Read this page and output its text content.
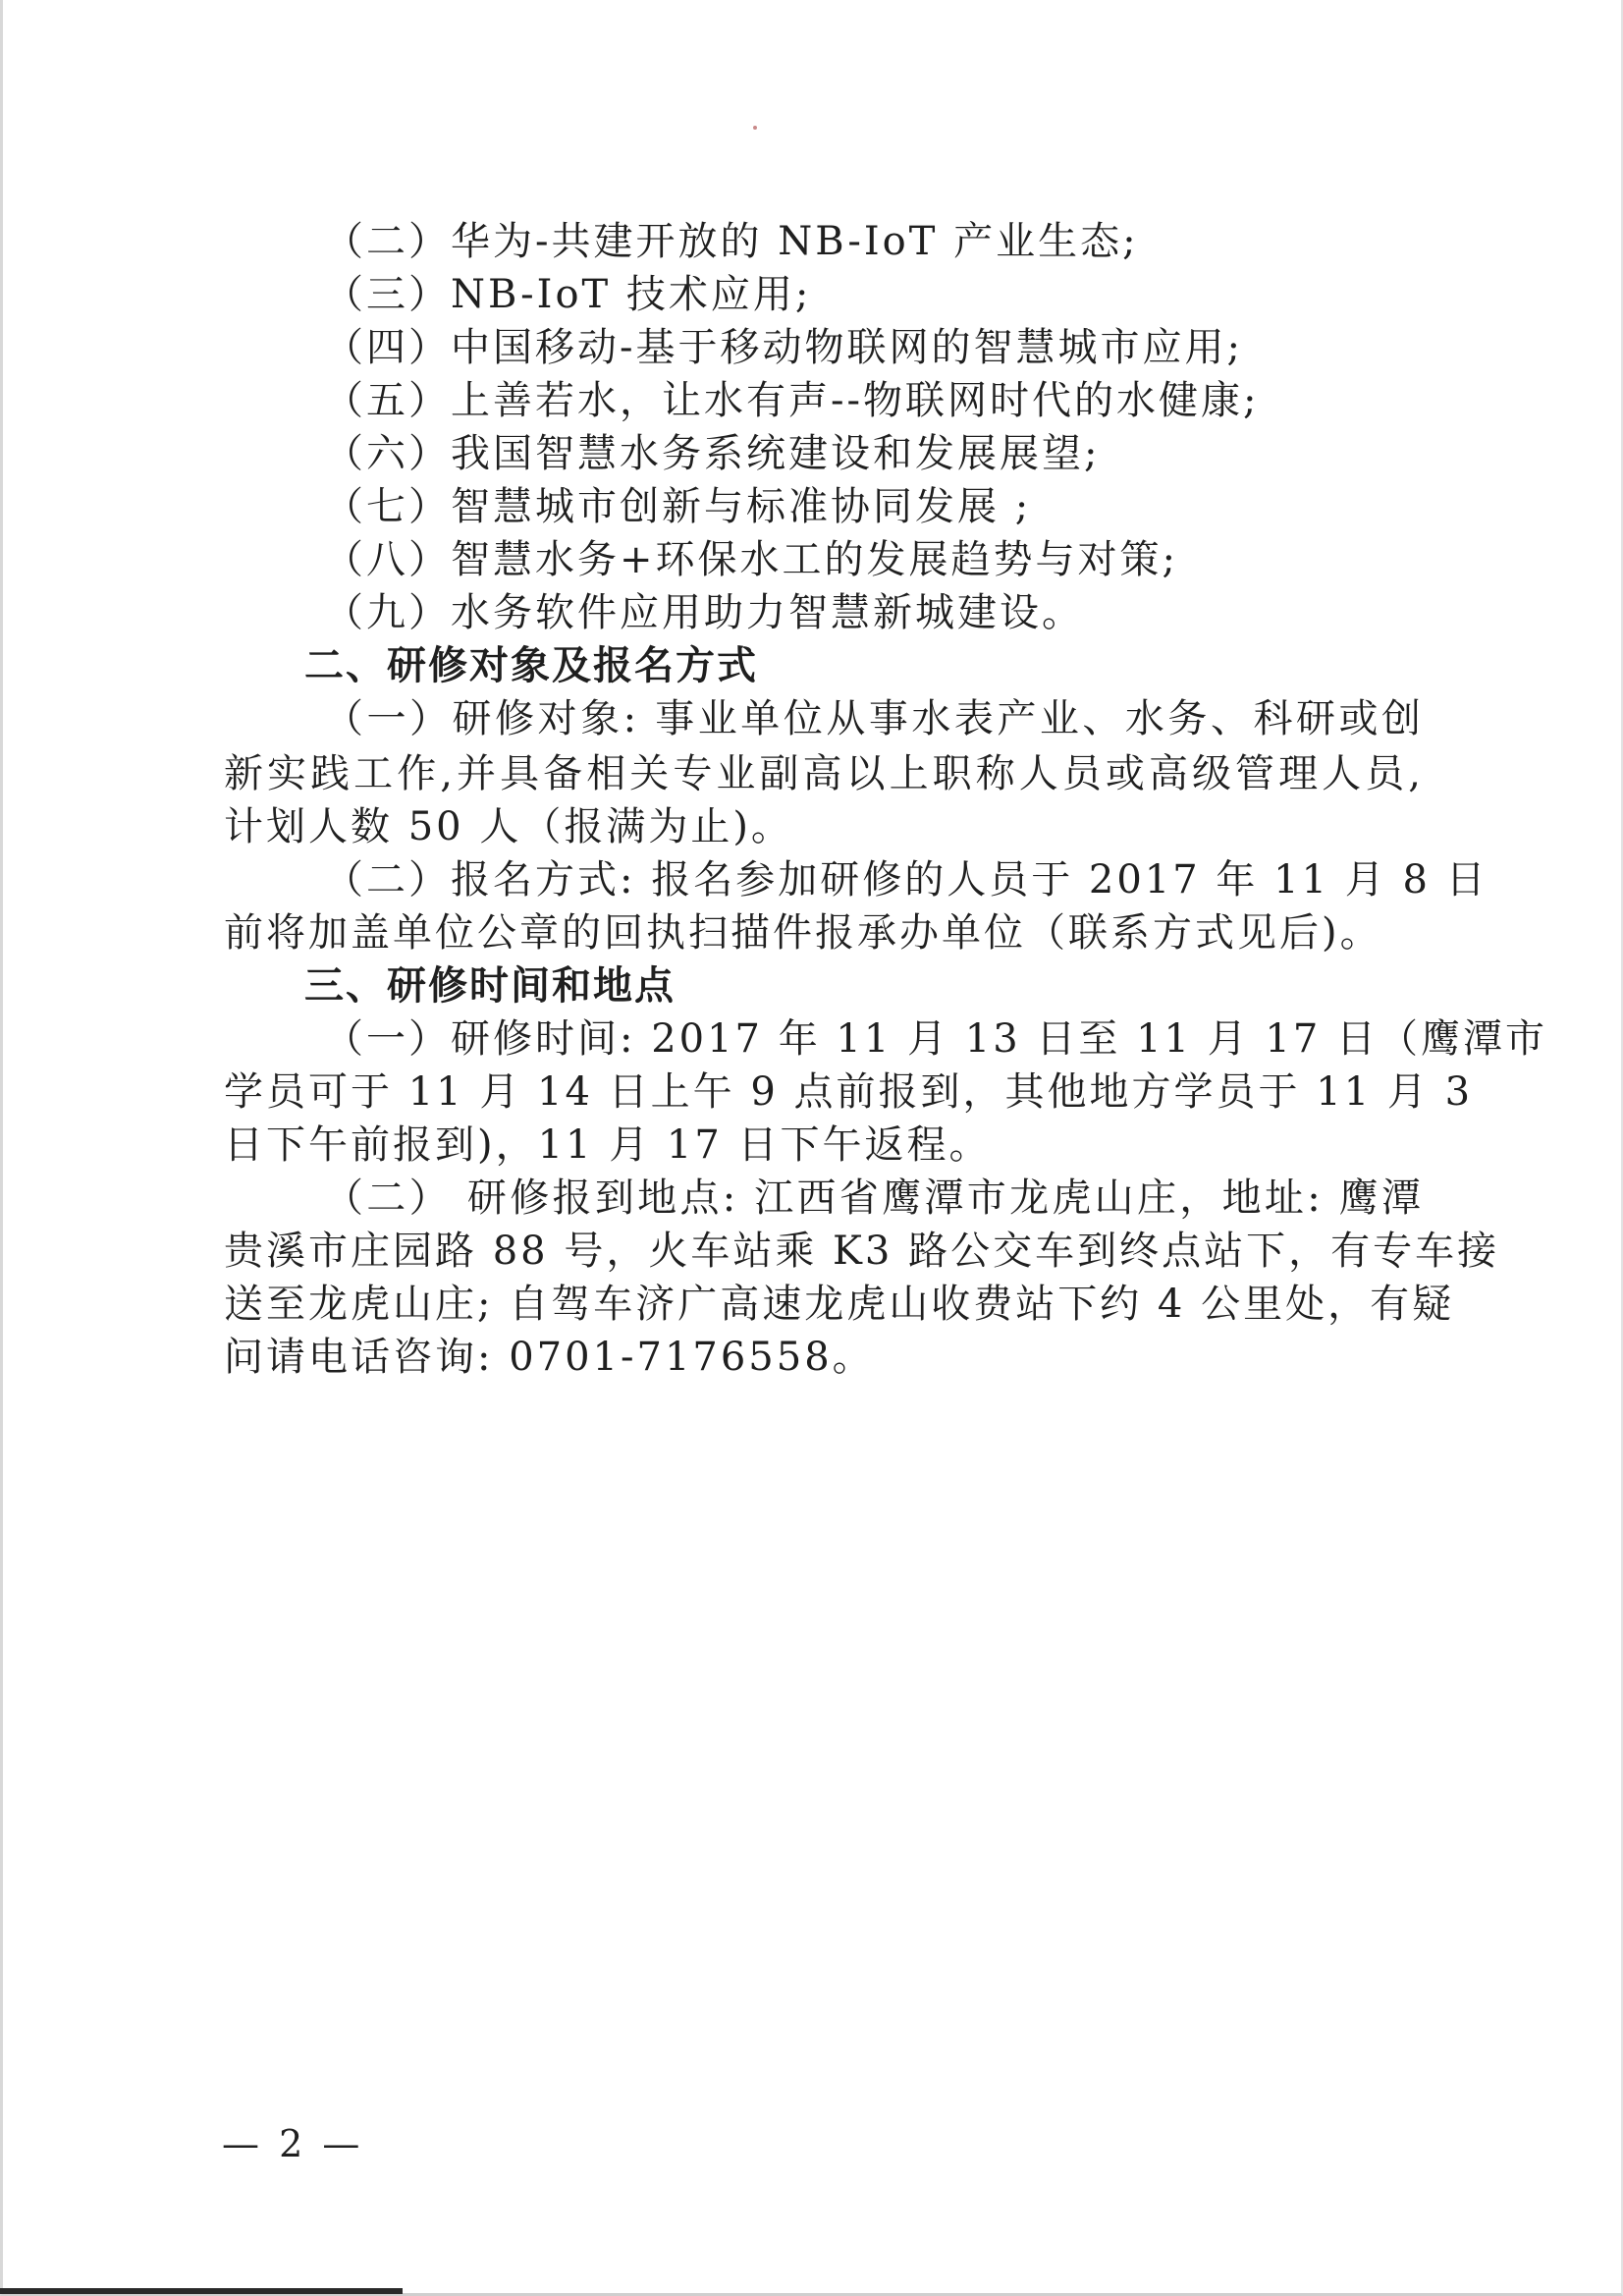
（二）华为-共建开放的 NB-IoT 产业生态;
（三）NB-IoT 技术应用;
（四）中国移动-基于移动物联网的智慧城市应用;
（五）上善若水，让水有声--物联网时代的水健康;
（六）我国智慧水务系统建设和发展展望;
（七）智慧城市创新与标准协同发展 ;
（八）智慧水务+环保水工的发展趋势与对策;
（九）水务软件应用助力智慧新城建设。
二、研修对象及报名方式
（一）研修对象: 事业单位从事水表产业、水务、科研或创
新实践工作,并具备相关专业副高以上职称人员或高级管理人员,
计划人数 50 人（报满为止)。
（二）报名方式: 报名参加研修的人员于 2017 年 11 月 8 日
前将加盖单位公章的回执扫描件报承办单位（联系方式见后)。
三、研修时间和地点
（一）研修时间: 2017 年 11 月 13 日至 11 月 17 日（鹰潭市
学员可于 11 月 14 日上午 9 点前报到，其他地方学员于 11 月 3
日下午前报到)，11 月 17 日下午返程。
（二） 研修报到地点: 江西省鹰潭市龙虎山庄，地址: 鹰潭
贵溪市庄园路 88 号，火车站乘 K3 路公交车到终点站下，有专车接
送至龙虎山庄; 自驾车济广高速龙虎山收费站下约 4 公里处，有疑
问请电话咨询: 0701-7176558。
— 2 —
